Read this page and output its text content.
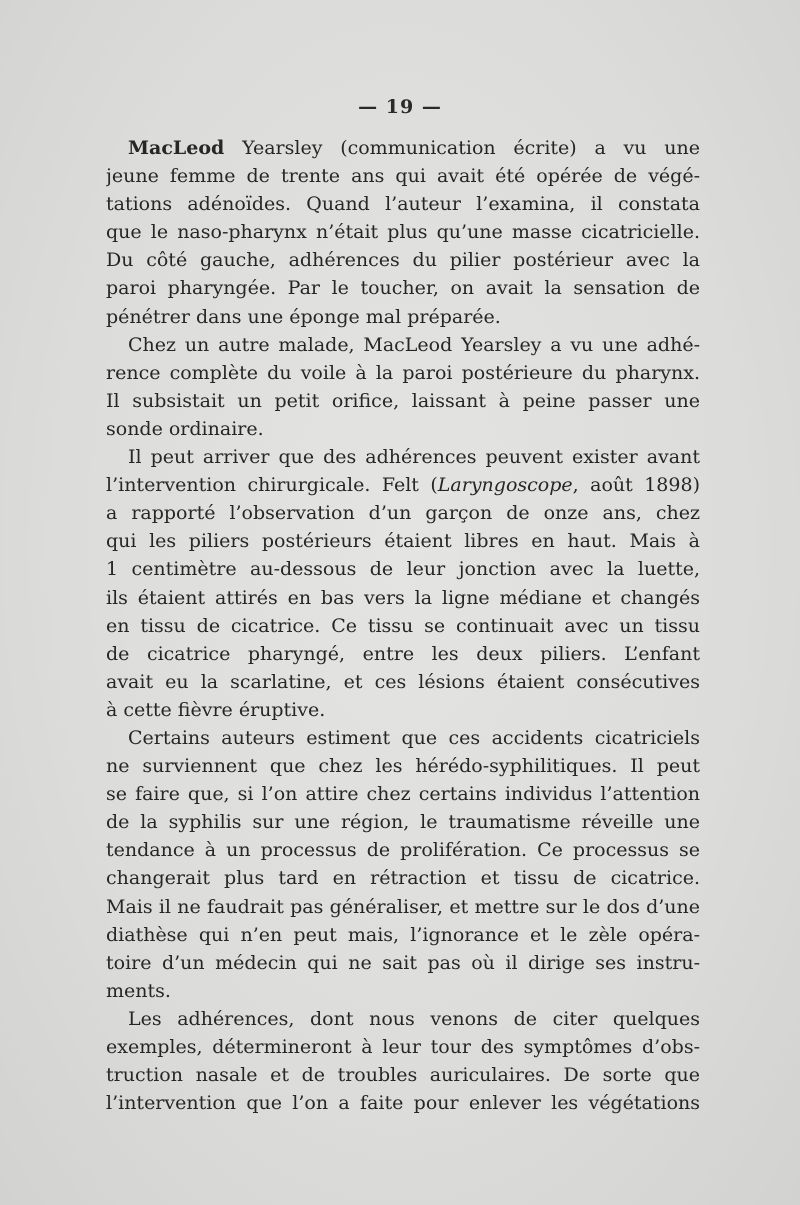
— 19 —
MacLeod Yearsley (communication écrite) a vu une
jeune femme de trente ans qui avait été opérée de végé-
tations adénoïdes. Quand l’auteur l’examina, il constata
que le naso-pharynx n’était plus qu’une masse cicatricielle.
Du côté gauche, adhérences du pilier postérieur avec la
paroi pharyngée. Par le toucher, on avait la sensation de
pénétrer dans une éponge mal préparée.
Chez un autre malade, MacLeod Yearsley a vu une adhé-
rence complète du voile à la paroi postérieure du pharynx.
Il subsistait un petit orifice, laissant à peine passer une
sonde ordinaire.
Il peut arriver que des adhérences peuvent exister avant
l’intervention chirurgicale. Felt (Laryngoscope, août 1898)
a rapporté l’observation d’un garçon de onze ans, chez
qui les piliers postérieurs étaient libres en haut. Mais à
1 centimètre au-dessous de leur jonction avec la luette,
ils étaient attirés en bas vers la ligne médiane et changés
en tissu de cicatrice. Ce tissu se continuait avec un tissu
de cicatrice pharyngé, entre les deux piliers. L’enfant
avait eu la scarlatine, et ces lésions étaient consécutives
à cette fièvre éruptive.
Certains auteurs estiment que ces accidents cicatriciels
ne surviennent que chez les hérédo-syphilitiques. Il peut
se faire que, si l’on attire chez certains individus l’attention
de la syphilis sur une région, le traumatisme réveille une
tendance à un processus de prolifération. Ce processus se
changerait plus tard en rétraction et tissu de cicatrice.
Mais il ne faudrait pas généraliser, et mettre sur le dos d’une
diathèse qui n’en peut mais, l’ignorance et le zèle opéra-
toire d’un médecin qui ne sait pas où il dirige ses instru-
ments.
Les adhérences, dont nous venons de citer quelques
exemples, détermineront à leur tour des symptômes d’obs-
truction nasale et de troubles auriculaires. De sorte que
l’intervention que l’on a faite pour enlever les végétations
